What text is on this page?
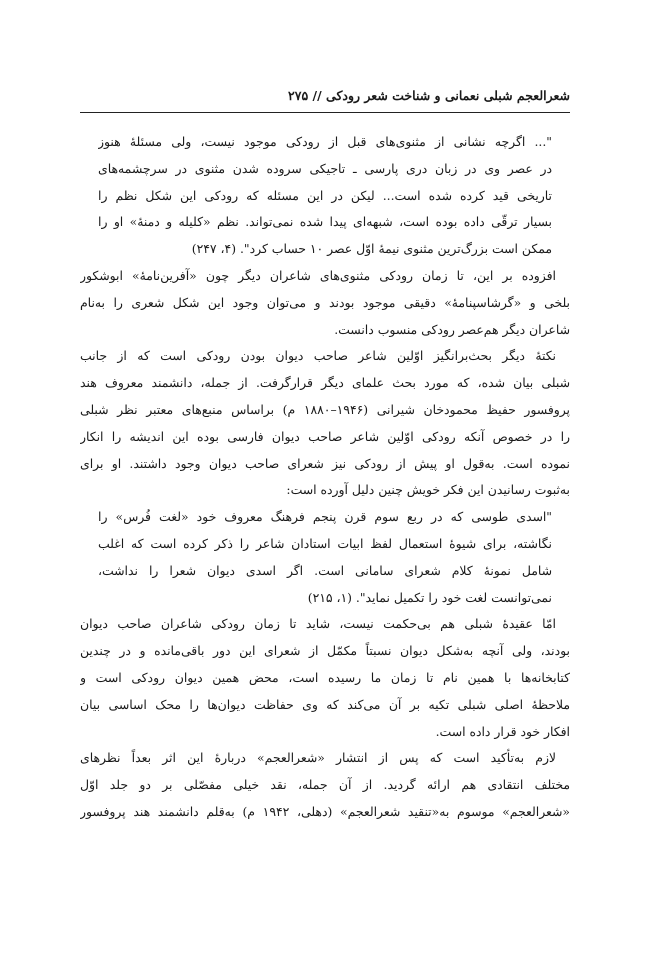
شعرالعجم شبلی نعمانی و شناخت شعر رودکی // ۲۷۵
"... اگرچه نشانی از مثنوی‌های قبل از رودکی موجود نیست، ولی مسئلهٔ هنوز
در عصر وی در زبان دری پارسی ـ تاجیکی سروده شدن مثنوی در سرچشمه‌های
تاریخی قید کرده شده است... لیکن در این مسئله که رودکی این شکل نظم را
بسیار ترقّی داده بوده است، شبهه‌ای پیدا شده نمی‌تواند. نظم «کلیله و دمنهٔ» او را
ممکن است بزرگ‌ترین مثنوی نیمهٔ اوّل عصر ۱۰ حساب کرد". (۴، ۲۴۷)
افزوده بر این، تا زمان رودکی مثنوی‌های شاعران دیگر چون «آفرین‌نامهٔ» ابوشکور
بلخی و «گرشاسپنامهٔ» دقیقی موجود بودند و می‌توان وجود این شکل شعری را به‌نام
شاعران دیگر هم‌عصر رودکی منسوب دانست.
نکتهٔ دیگر بحث‌برانگیز اوّلین شاعر صاحب دیوان بودن رودکی است که از جانب
شبلی بیان شده، که مورد بحث علمای دیگر قرارگرفت. از جمله، دانشمند معروف هند
پروفسور حفیظ محمودخان شیرانی (۱۹۴۶–۱۸۸۰ م) براساس منبع‌های معتبر نظر شبلی
را در خصوص آنکه رودکی اوّلین شاعر صاحب دیوان فارسی بوده این اندیشه را انکار
نموده است. به‌قول او پیش از رودکی نیز شعرای صاحب دیوان وجود داشتند. او برای
به‌ثبوت رسانیدن این فکر خویش چنین دلیل آورده است:
"اسدی طوسی که در ربع سوم قرن پنجم فرهنگ معروف خود «لغت فُرس» را
نگاشته، برای شیوهٔ استعمال لفظ ابیات استادان شاعر را ذکر کرده است که اغلب
شامل نمونهٔ کلام شعرای سامانی است. اگر اسدی دیوان شعرا را نداشت،
نمی‌توانست لغت خود را تکمیل نماید". (۱، ۲۱۵)
امّا عقیدهٔ شبلی هم بی‌حکمت نیست، شاید تا زمان رودکی شاعران صاحب دیوان
بودند، ولی آنچه به‌شکل دیوان نسبتاً مکمّل از شعرای این دور باقی‌مانده و در چندین
کتابخانه‌ها با همین نام تا زمان ما رسیده است، محض همین دیوان رودکی است و
ملاحظهٔ اصلی شبلی تکیه بر آن می‌کند که وی حفاظت دیوان‌ها را محک اساسی بیان
افکار خود قرار داده است.
لازم به‌تأکید است که پس از انتشار «شعرالعجم» دربارهٔ این اثر بعداً نظرهای
مختلف انتقادی هم ارائه گردید. از آن جمله، نقد خیلی مفصّلی بر دو جلد اوّل
«شعرالعجم» موسوم به«تنقید شعرالعجم» (دهلی، ۱۹۴۲ م) به‌قلم دانشمند هند پروفسور
